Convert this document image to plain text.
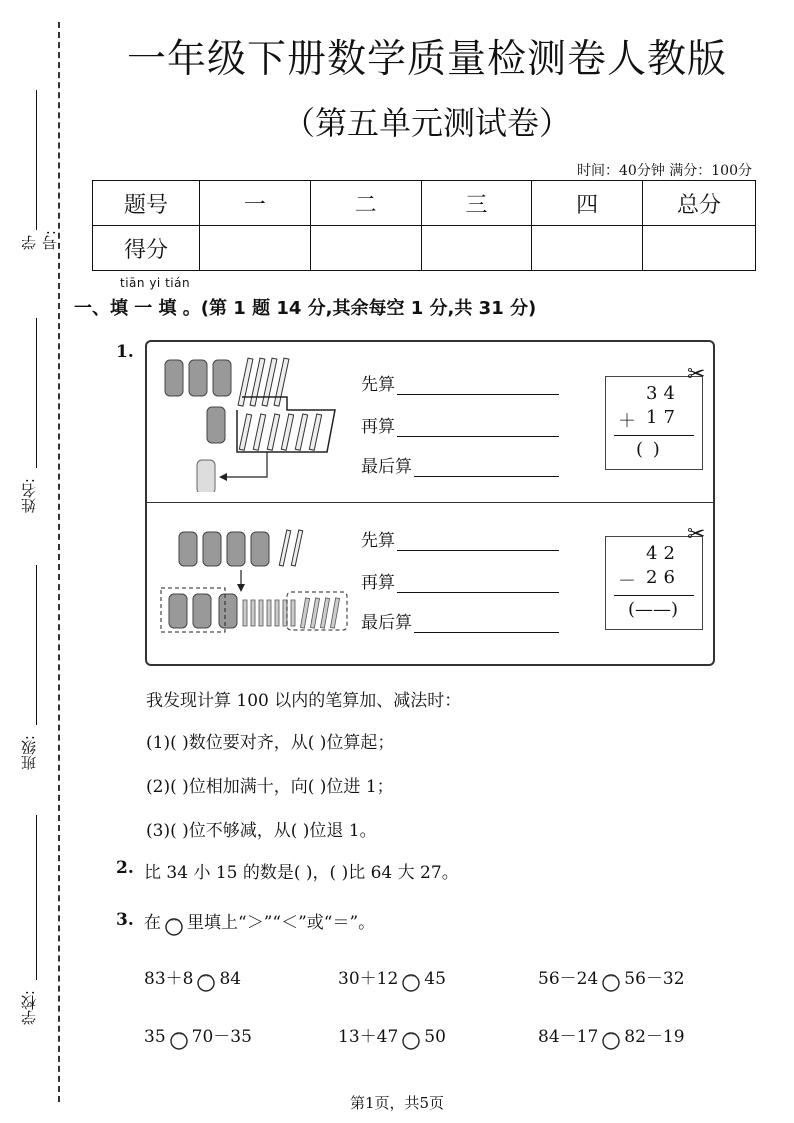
学号:
姓名:
班级:
学校:
一年级下册数学质量检测卷人教版
（第五单元测试卷）
时间：40分钟 满分：100分
题号	一	二	三	四	总分
得分					
tiān yi tián
一、填 一 填 。(第 1 题 14 分,其余每空 1 分,共 31 分)
1.
先算
再算
最后算
34
＋ 17
( )
✂
先算
再算
最后算
42
－ 26
(——)
✂
我发现计算 100 以内的笔算加、减法时：
(1)( )数位要对齐，从( )位算起；
(2)( )位相加满十，向( )位进 1；
(3)( )位不够减，从( )位退 1。
2. 比 34 小 15 的数是( )，( )比 64 大 27。
3. 在 里填上“＞”“＜”或“＝”。
83＋8 84	30＋12 45	56－24 56－32
35 70－35	13＋47 50	84－17 82－19
第1页，共5页
